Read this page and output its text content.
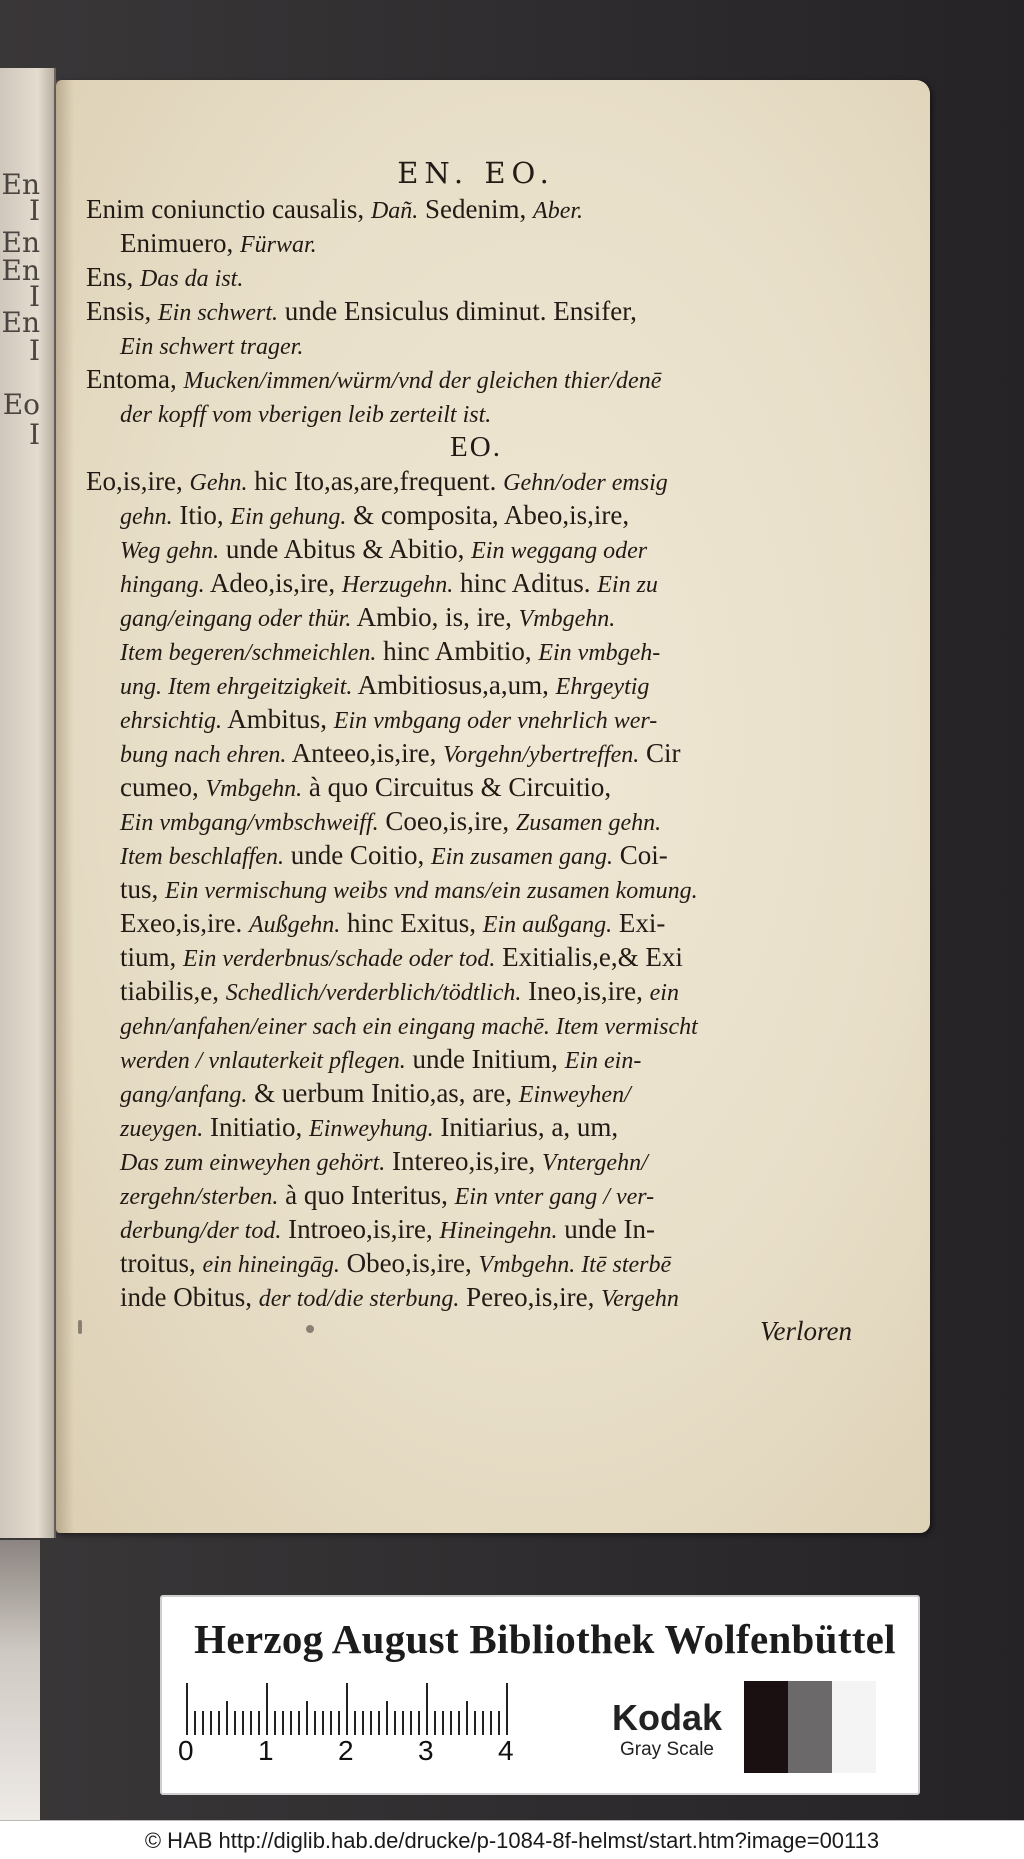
En
I
En
En
I
En
I
Eo
I
EN. EO.
Enim coniunctio causalis, Dañ. Sedenim, Aber.
Enimuero, Fürwar.
Ens, Das da ist.
Ensis, Ein schwert. unde Ensiculus diminut. Ensifer,
Ein schwert trager.
Entoma, Mucken/immen/würm/vnd der gleichen thier/denē
der kopff vom vberigen leib zerteilt ist.
EO.
Eo,is,ire, Gehn. hic Ito,as,are,frequent. Gehn/oder emsig
gehn. Itio, Ein gehung. & composita, Abeo,is,ire,
Weg gehn. unde Abitus & Abitio, Ein weggang oder
hingang. Adeo,is,ire, Herzugehn. hinc Aditus. Ein zu
gang/eingang oder thür. Ambio, is, ire, Vmbgehn.
Item begeren/schmeichlen. hinc Ambitio, Ein vmbgeh-
ung. Item ehrgeitzigkeit. Ambitiosus,a,um, Ehrgeytig
ehrsichtig. Ambitus, Ein vmbgang oder vnehrlich wer-
bung nach ehren. Anteeo,is,ire, Vorgehn/ybertreffen. Cir
cumeo, Vmbgehn. à quo Circuitus & Circuitio,
Ein vmbgang/vmbschweiff. Coeo,is,ire, Zusamen gehn.
Item beschlaffen. unde Coitio, Ein zusamen gang. Coi-
tus, Ein vermischung weibs vnd mans/ein zusamen komung.
Exeo,is,ire. Außgehn. hinc Exitus, Ein außgang. Exi-
tium, Ein verderbnus/schade oder tod. Exitialis,e,& Exi
tiabilis,e, Schedlich/verderblich/tödtlich. Ineo,is,ire, ein
gehn/anfahen/einer sach ein eingang machē. Item vermischt
werden / vnlauterkeit pflegen. unde Initium, Ein ein-
gang/anfang. & uerbum Initio,as, are, Einweyhen/
zueygen. Initiatio, Einweyhung. Initiarius, a, um,
Das zum einweyhen gehört. Intereo,is,ire, Vntergehn/
zergehn/sterben. à quo Interitus, Ein vnter gang / ver-
derbung/der tod. Introeo,is,ire, Hineingehn. unde In-
troitus, ein hineingāg. Obeo,is,ire, Vmbgehn. Itē sterbē
inde Obitus, der tod/die sterbung. Pereo,is,ire, Vergehn
Verloren
Herzog August Bibliothek Wolfenbüttel
0 1 2 3 4
Kodak
Gray Scale
© HAB http://diglib.hab.de/drucke/p-1084-8f-helmst/start.htm?image=00113
